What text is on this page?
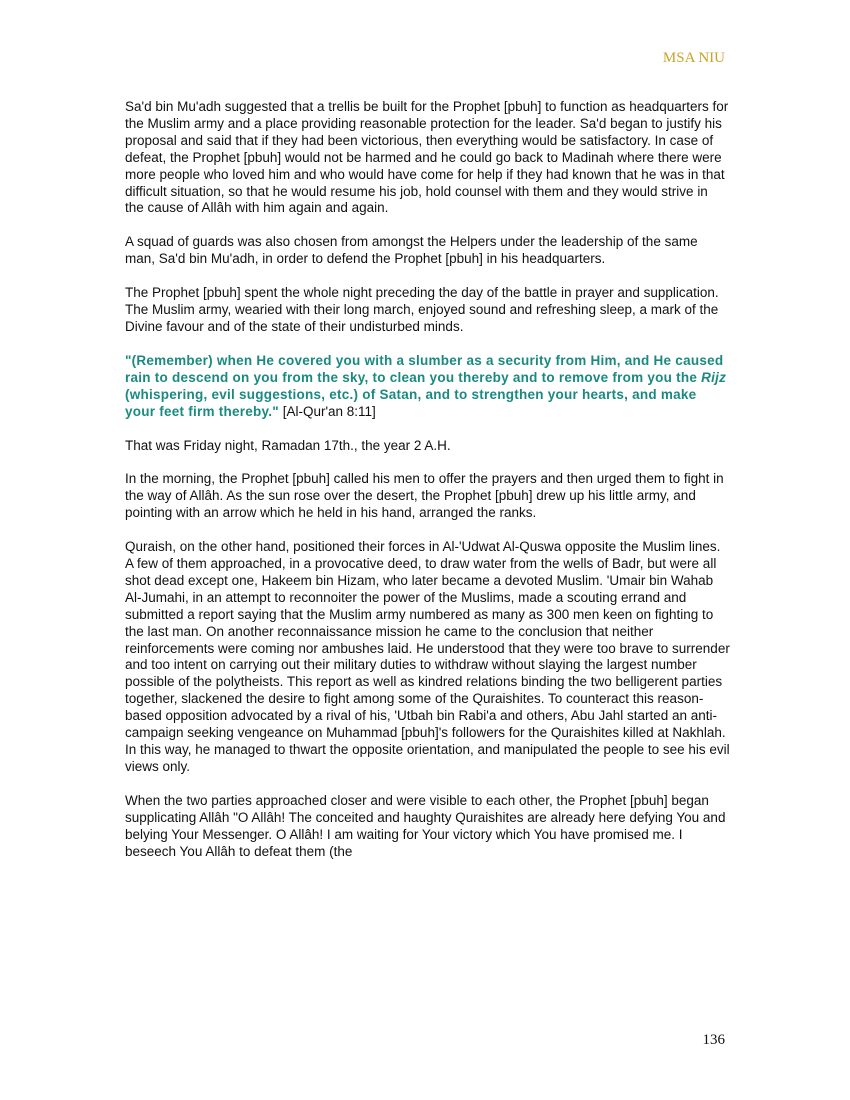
MSA NIU

Sa'd bin Mu'adh suggested that a trellis be built for the Prophet [pbuh] to function as headquarters for the Muslim army and a place providing reasonable protection for the leader. Sa'd began to justify his proposal and said that if they had been victorious, then everything would be satisfactory. In case of defeat, the Prophet [pbuh] would not be harmed and he could go back to Madinah where there were more people who loved him and who would have come for help if they had known that he was in that difficult situation, so that he would resume his job, hold counsel with them and they would strive in the cause of Allâh with him again and again.

A squad of guards was also chosen from amongst the Helpers under the leadership of the same man, Sa'd bin Mu'adh, in order to defend the Prophet [pbuh] in his headquarters.

The Prophet [pbuh] spent the whole night preceding the day of the battle in prayer and supplication. The Muslim army, wearied with their long march, enjoyed sound and refreshing sleep, a mark of the Divine favour and of the state of their undisturbed minds.

"(Remember) when He covered you with a slumber as a security from Him, and He caused rain to descend on you from the sky, to clean you thereby and to remove from you the Rijz (whispering, evil suggestions, etc.) of Satan, and to strengthen your hearts, and make your feet firm thereby." [Al-Qur'an 8:11]

That was Friday night, Ramadan 17th., the year 2 A.H.

In the morning, the Prophet [pbuh] called his men to offer the prayers and then urged them to fight in the way of Allâh. As the sun rose over the desert, the Prophet [pbuh] drew up his little army, and pointing with an arrow which he held in his hand, arranged the ranks.

Quraish, on the other hand, positioned their forces in Al-'Udwat Al-Quswa opposite the Muslim lines. A few of them approached, in a provocative deed, to draw water from the wells of Badr, but were all shot dead except one, Hakeem bin Hizam, who later became a devoted Muslim. 'Umair bin Wahab Al-Jumahi, in an attempt to reconnoiter the power of the Muslims, made a scouting errand and submitted a report saying that the Muslim army numbered as many as 300 men keen on fighting to the last man. On another reconnaissance mission he came to the conclusion that neither reinforcements were coming nor ambushes laid. He understood that they were too brave to surrender and too intent on carrying out their military duties to withdraw without slaying the largest number possible of the polytheists. This report as well as kindred relations binding the two belligerent parties together, slackened the desire to fight among some of the Quraishites. To counteract this reason-based opposition advocated by a rival of his, 'Utbah bin Rabi'a and others, Abu Jahl started an anti-campaign seeking vengeance on Muhammad [pbuh]'s followers for the Quraishites killed at Nakhlah. In this way, he managed to thwart the opposite orientation, and manipulated the people to see his evil views only.

When the two parties approached closer and were visible to each other, the Prophet [pbuh] began supplicating Allâh "O Allâh! The conceited and haughty Quraishites are already here defying You and belying Your Messenger. O Allâh! I am waiting for Your victory which You have promised me. I beseech You Allâh to defeat them (the

136
